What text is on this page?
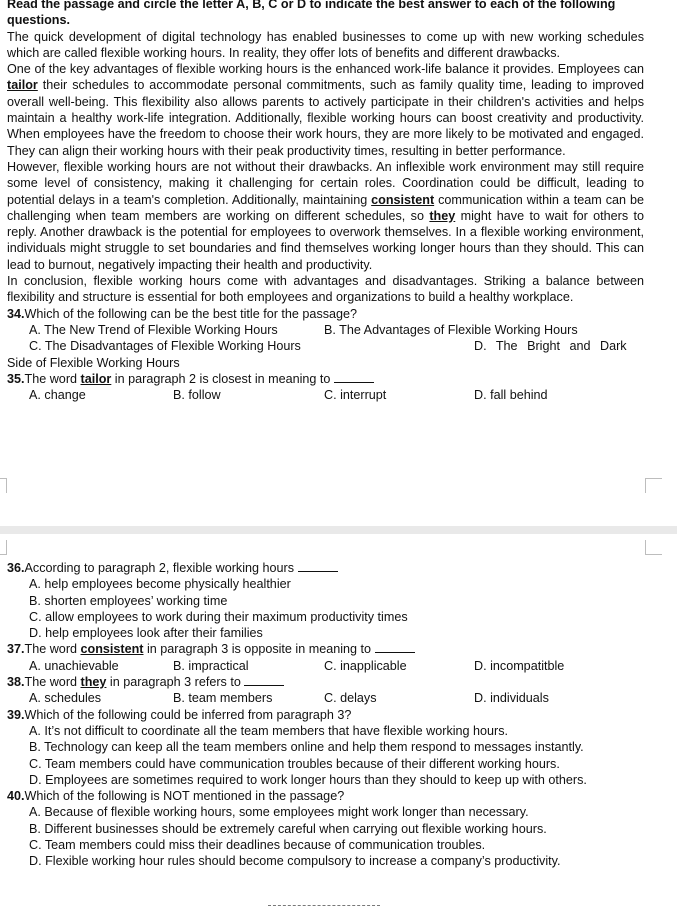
Read the passage and circle the letter A, B, C or D to indicate the best answer to each of the following questions.

The quick development of digital technology has enabled businesses to come up with new working schedules which are called flexible working hours. In reality, they offer lots of benefits and different drawbacks.

One of the key advantages of flexible working hours is the enhanced work-life balance it provides. Employees can tailor their schedules to accommodate personal commitments, such as family quality time, leading to improved overall well-being. This flexibility also allows parents to actively participate in their children's activities and helps maintain a healthy work-life integration. Additionally, flexible working hours can boost creativity and productivity. When employees have the freedom to choose their work hours, they are more likely to be motivated and engaged. They can align their working hours with their peak productivity times, resulting in better performance.

However, flexible working hours are not without their drawbacks. An inflexible work environment may still require some level of consistency, making it challenging for certain roles. Coordination could be difficult, leading to potential delays in a team's completion. Additionally, maintaining consistent communication within a team can be challenging when team members are working on different schedules, so they might have to wait for others to reply. Another drawback is the potential for employees to overwork themselves. In a flexible working environment, individuals might struggle to set boundaries and find themselves working longer hours than they should. This can lead to burnout, negatively impacting their health and productivity.

In conclusion, flexible working hours come with advantages and disadvantages. Striking a balance between flexibility and structure is essential for both employees and organizations to build a healthy workplace.

34.Which of the following can be the best title for the passage?

A. The New Trend of Flexible Working Hours	B. The Advantages of Flexible Working Hours
C. The Disadvantages of Flexible Working Hours	D. The Bright and Dark

Side of Flexible Working Hours

35.The word tailor in paragraph 2 is closest in meaning to

A. change	B. follow	C. interrupt	D. fall behind

36.According to paragraph 2, flexible working hours

A. help employees become physically healthier

B. shorten employees’ working time

C. allow employees to work during their maximum productivity times

D. help employees look after their families

37.The word consistent in paragraph 3 is opposite in meaning to

A. unachievable	B. impractical	C. inapplicable	D. incompatitble

38.The word they in paragraph 3 refers to

A. schedules	B. team members	C. delays	D. individuals

39.Which of the following could be inferred from paragraph 3?

A. It’s not difficult to coordinate all the team members that have flexible working hours.

B. Technology can keep all the team members online and help them respond to messages instantly.

C. Team members could have communication troubles because of their different working hours.

D. Employees are sometimes required to work longer hours than they should to keep up with others.

40.Which of the following is NOT mentioned in the passage?

A. Because of flexible working hours, some employees might work longer than necessary.

B. Different businesses should be extremely careful when carrying out flexible working hours.

C. Team members could miss their deadlines because of communication troubles.

D. Flexible working hour rules should become compulsory to increase a company’s productivity.
